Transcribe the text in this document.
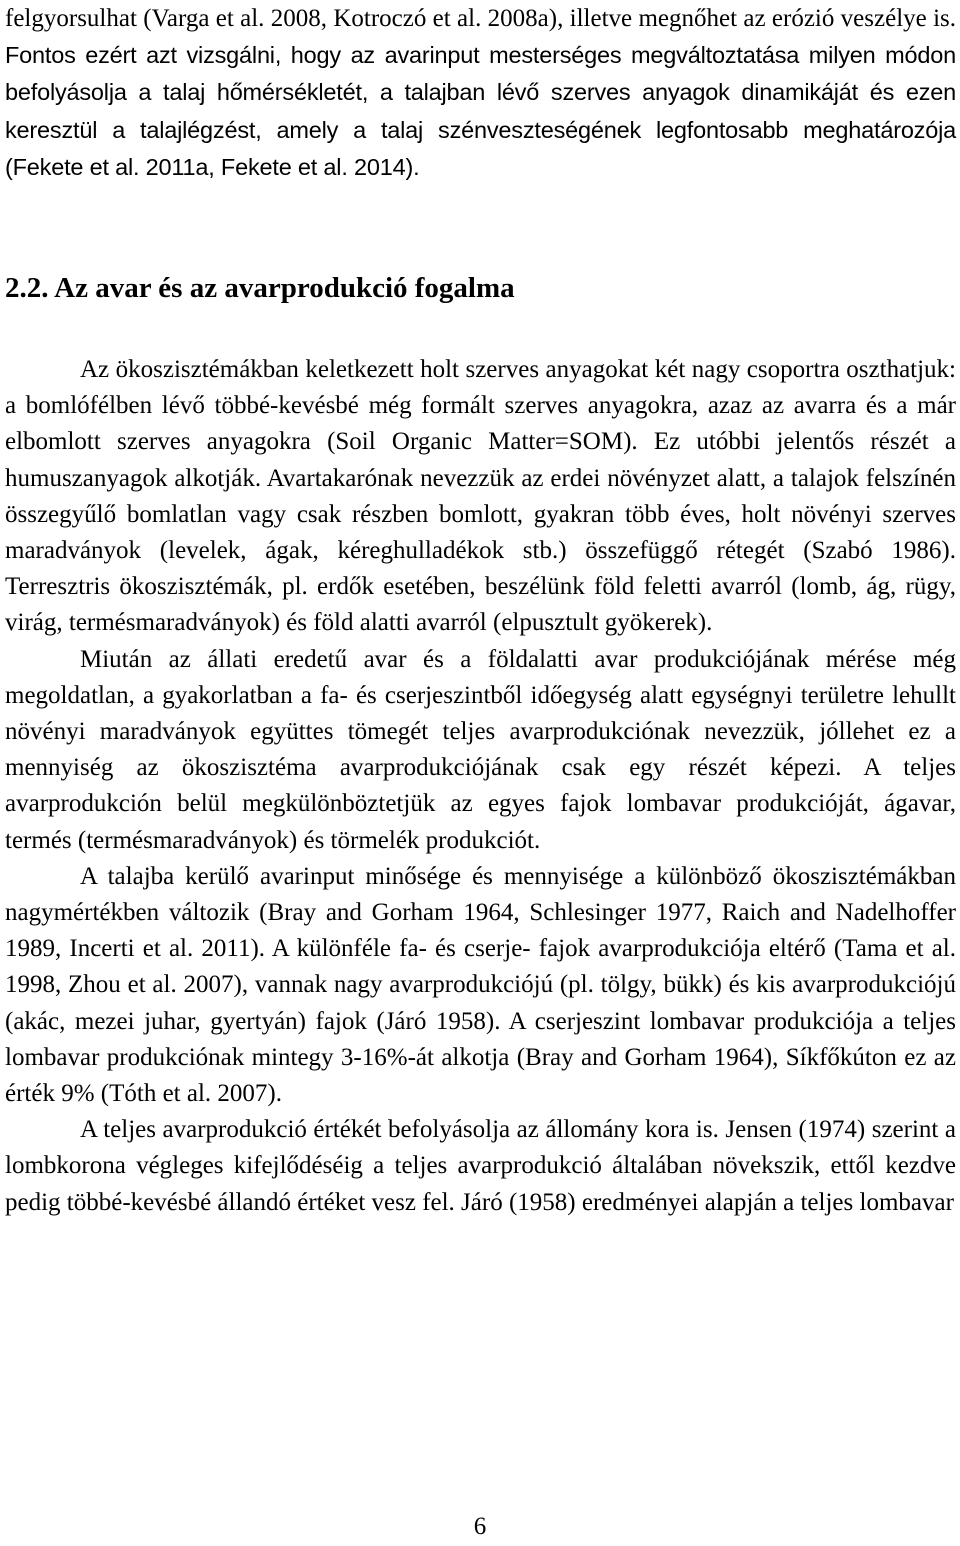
felgyorsulhat (Varga et al. 2008, Kotroczó et al. 2008a), illetve megnőhet az erózió veszélye is. Fontos ezért azt vizsgálni, hogy az avarinput mesterséges megváltoztatása milyen módon befolyásolja a talaj hőmérsékletét, a talajban lévő szerves anyagok dinamikáját és ezen keresztül a talajlégzést, amely a talaj szénveszteségének legfontosabb meghatározója (Fekete et al. 2011a, Fekete et al. 2014).

2.2. Az avar és az avarprodukció fogalma

Az ökoszisztémákban keletkezett holt szerves anyagokat két nagy csoportra oszthatjuk: a bomlófélben lévő többé-kevésbé még formált szerves anyagokra, azaz az avarra és a már elbomlott szerves anyagokra (Soil Organic Matter=SOM). Ez utóbbi jelentős részét a humuszanyagok alkotják. Avartakarónak nevezzük az erdei növényzet alatt, a talajok felszínén összegyűlő bomlatlan vagy csak részben bomlott, gyakran több éves, holt növényi szerves maradványok (levelek, ágak, kéreghulladékok stb.) összefüggő rétegét (Szabó 1986). Terresztris ökoszisztémák, pl. erdők esetében, beszélünk föld feletti avarról (lomb, ág, rügy, virág, termésmaradványok) és föld alatti avarról (elpusztult gyökerek).

Miután az állati eredetű avar és a földalatti avar produkciójának mérése még megoldatlan, a gyakorlatban a fa- és cserjeszintből időegység alatt egységnyi területre lehullt növényi maradványok együttes tömegét teljes avarprodukciónak nevezzük, jóllehet ez a mennyiség az ökoszisztéma avarprodukciójának csak egy részét képezi. A teljes avarprodukción belül megkülönböztetjük az egyes fajok lombavar produkcióját, ágavar, termés (termésmaradványok) és törmelék produkciót.

A talajba kerülő avarinput minősége és mennyisége a különböző ökoszisztémákban nagymértékben változik (Bray and Gorham 1964, Schlesinger 1977, Raich and Nadelhoffer 1989, Incerti et al. 2011). A különféle fa- és cserje- fajok avarprodukciója eltérő (Tama et al. 1998, Zhou et al. 2007), vannak nagy avarprodukciójú (pl. tölgy, bükk) és kis avarprodukciójú (akác, mezei juhar, gyertyán) fajok (Járó 1958). A cserjeszint lombavar produkciója a teljes lombavar produkciónak mintegy 3-16%-át alkotja (Bray and Gorham 1964), Síkfőkúton ez az érték 9% (Tóth et al. 2007).

A teljes avarprodukció értékét befolyásolja az állomány kora is. Jensen (1974) szerint a lombkorona végleges kifejlődéséig a teljes avarprodukció általában növekszik, ettől kezdve pedig többé-kevésbé állandó értéket vesz fel. Járó (1958) eredményei alapján a teljes lombavar

6
